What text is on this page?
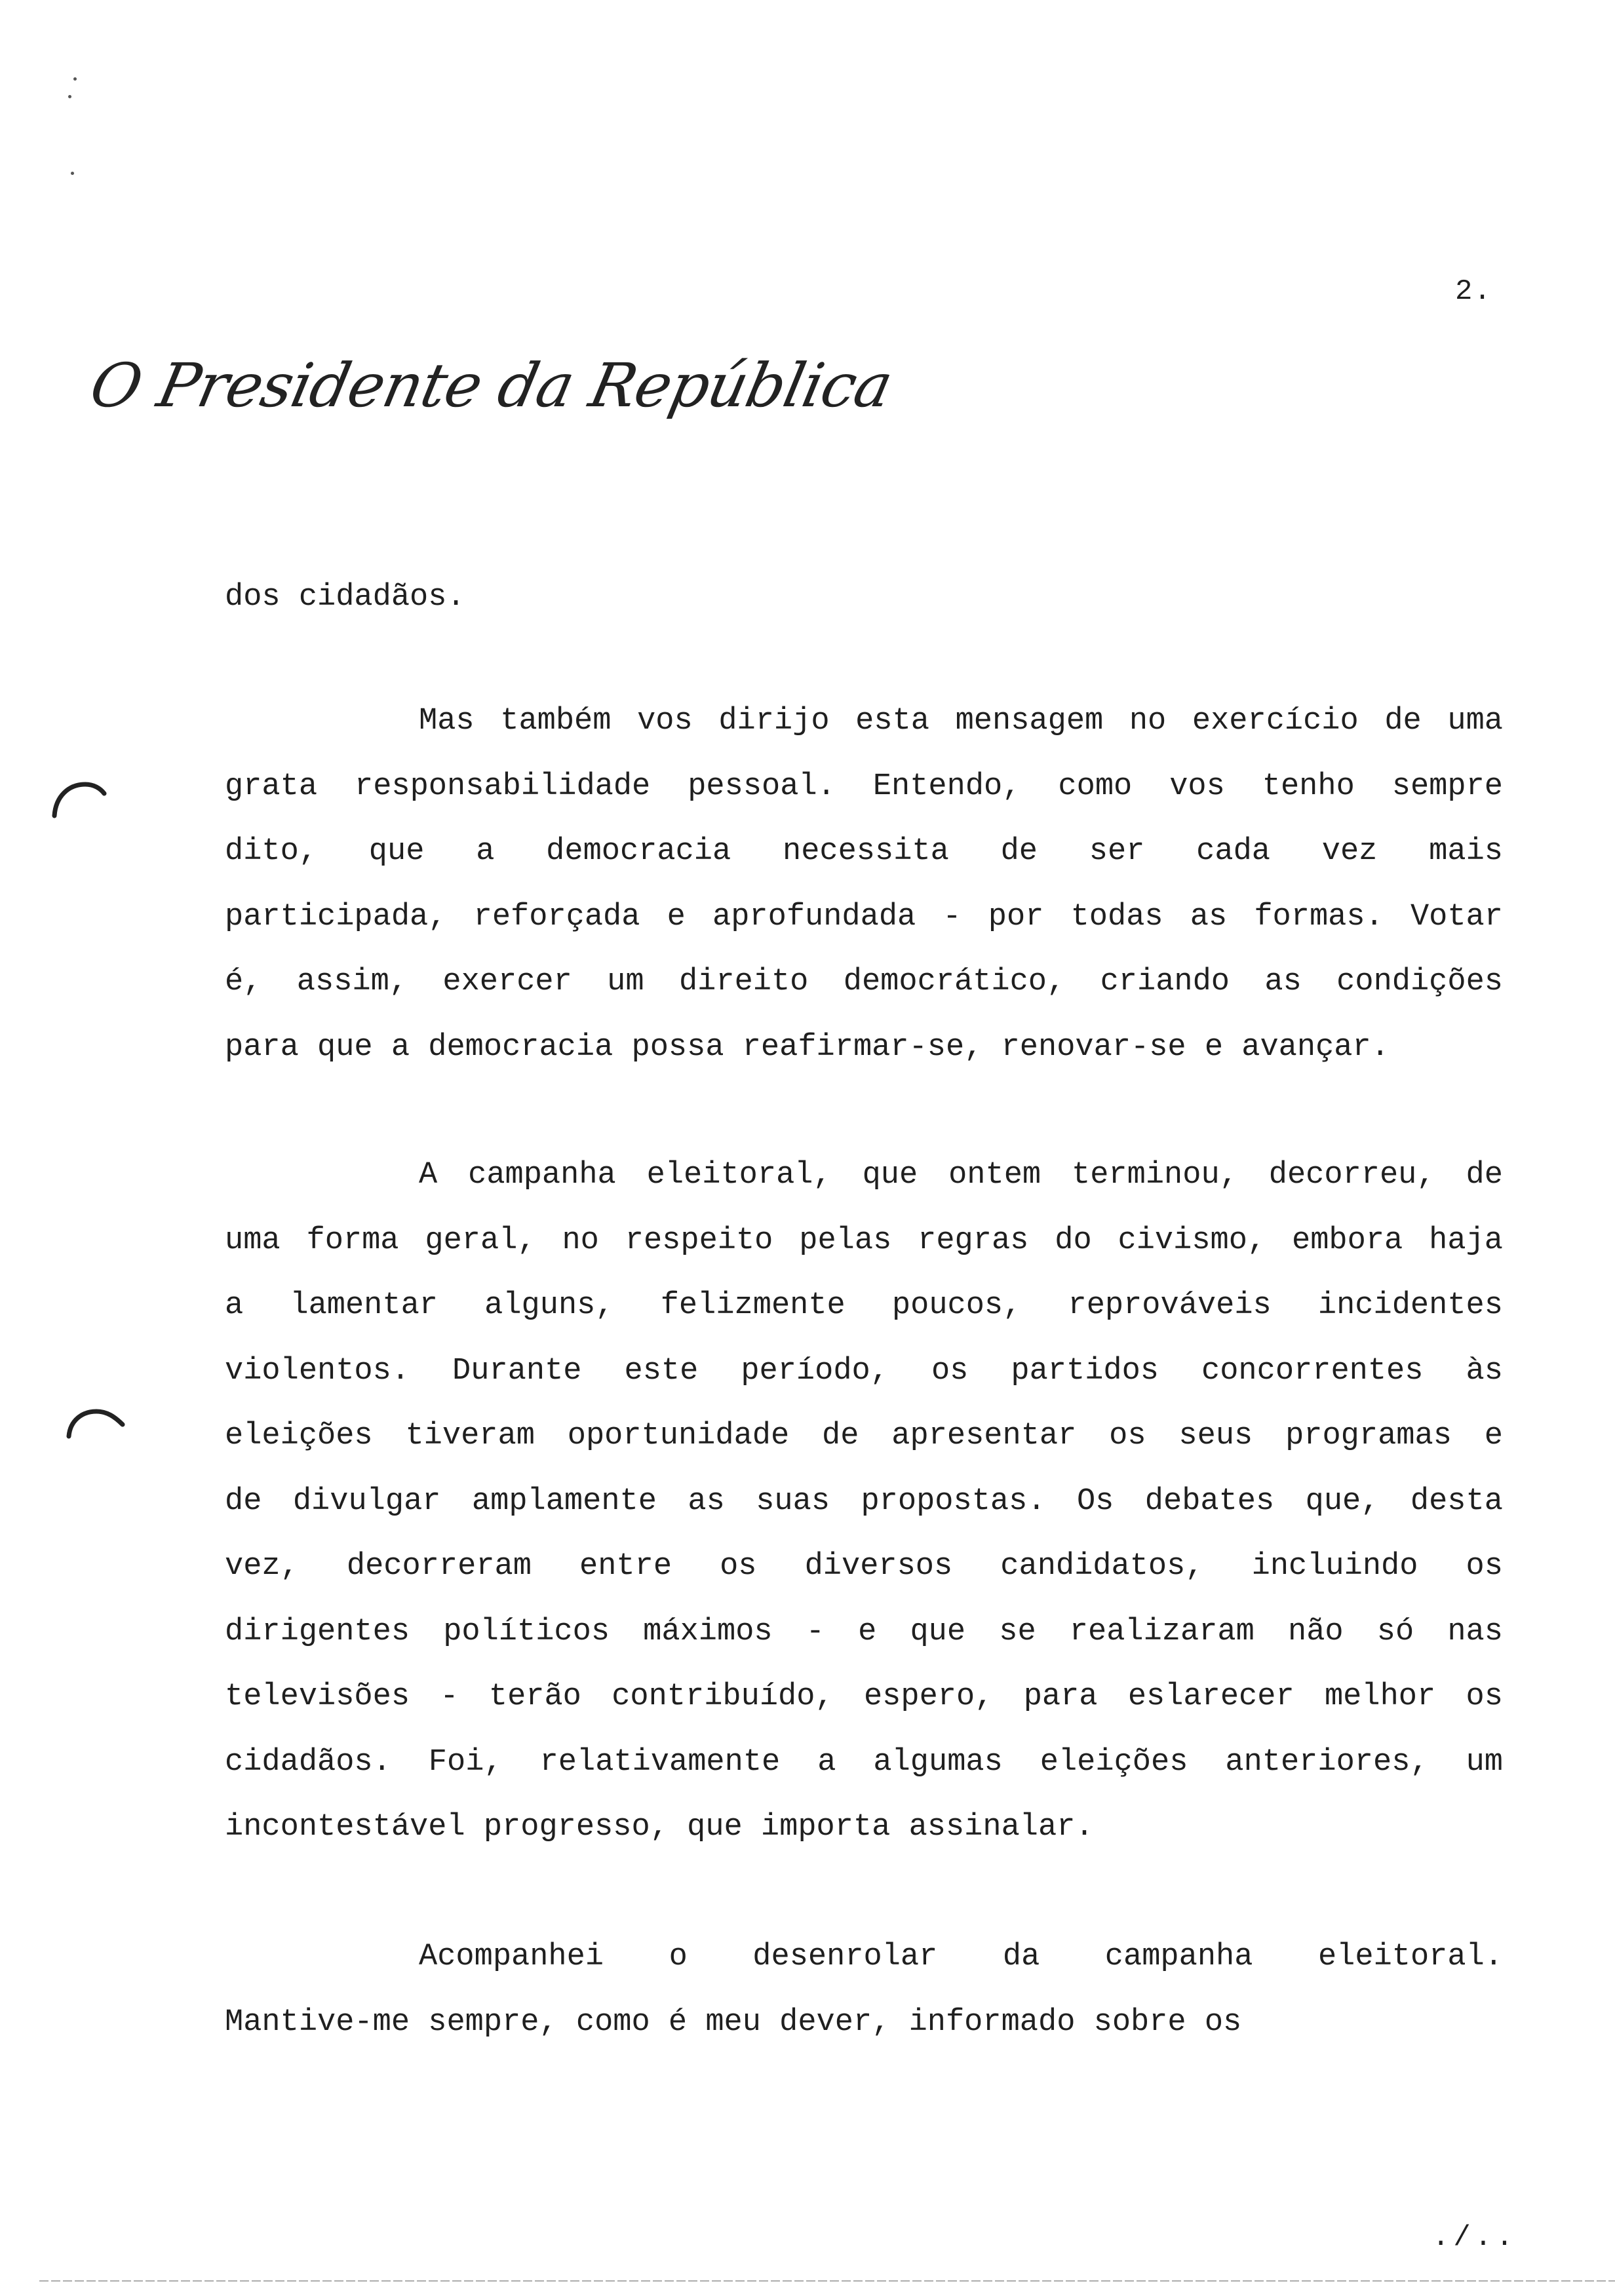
2.
O Presidente da República
dos cidadãos.
Mas também vos dirijo esta mensagem no exercício de uma
grata responsabilidade pessoal. Entendo, como vos tenho sempre
dito, que a democracia necessita de ser cada vez mais
participada, reforçada e aprofundada - por todas as formas. Votar
é, assim, exercer um direito democrático, criando as condições
para que a democracia possa reafirmar-se, renovar-se e avançar.
A campanha eleitoral, que ontem terminou, decorreu, de
uma forma geral, no respeito pelas regras do civismo, embora haja
a lamentar alguns, felizmente poucos, reprováveis incidentes
violentos. Durante este período, os partidos concorrentes às
eleições tiveram oportunidade de apresentar os seus programas e
de divulgar amplamente as suas propostas. Os debates que, desta
vez, decorreram entre os diversos candidatos, incluindo os
dirigentes políticos máximos - e que se realizaram não só nas
televisões - terão contribuído, espero, para eslarecer melhor os
cidadãos. Foi, relativamente a algumas eleições anteriores, um
incontestável progresso, que importa assinalar.
Acompanhei o desenrolar da campanha eleitoral.
Mantive-me sempre, como é meu dever, informado sobre os
./..
